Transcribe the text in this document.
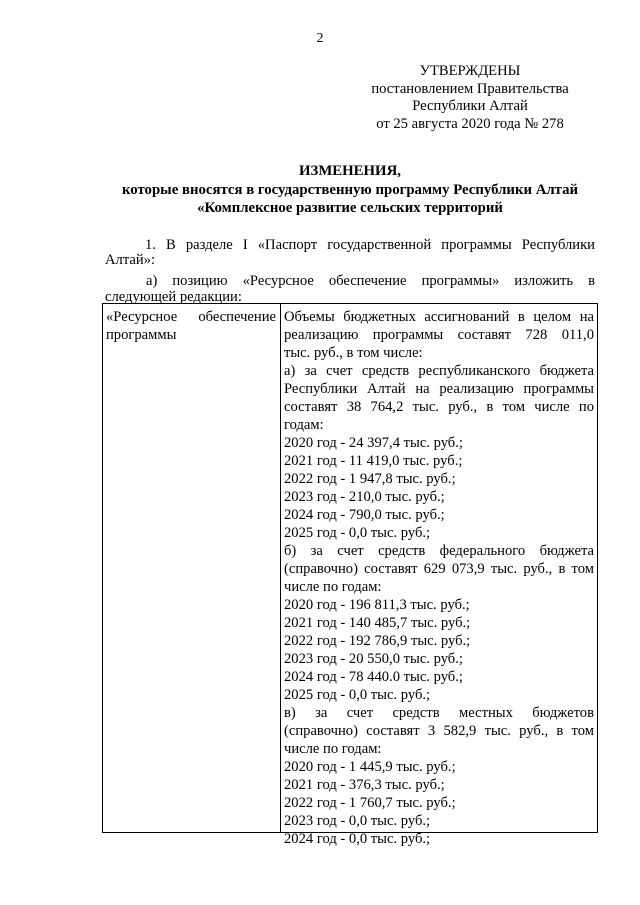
2
УТВЕРЖДЕНЫ
постановлением Правительства
Республики Алтай
от 25 августа 2020 года № 278
ИЗМЕНЕНИЯ,
которые вносятся в государственную программу Республики Алтай
«Комплексное развитие сельских территорий
1. В разделе I «Паспорт государственной программы Республики
Алтай»:
а) позицию «Ресурсное обеспечение программы» изложить в
следующей редакции:
«Ресурсное обеспечение
программы
Объемы бюджетных ассигнований в целом на
реализацию программы составят 728 011,0
тыс. руб., в том числе:
а) за счет средств республиканского бюджета
Республики Алтай на реализацию программы
составят 38 764,2 тыс. руб., в том числе по
годам:
2020 год - 24 397,4 тыс. руб.;
2021 год - 11 419,0 тыс. руб.;
2022 год - 1 947,8 тыс. руб.;
2023 год - 210,0 тыс. руб.;
2024 год - 790,0 тыс. руб.;
2025 год - 0,0 тыс. руб.;
б) за счет средств федерального бюджета
(справочно) составят 629 073,9 тыс. руб., в том
числе по годам:
2020 год - 196 811,3 тыс. руб.;
2021 год - 140 485,7 тыс. руб.;
2022 год - 192 786,9 тыс. руб.;
2023 год - 20 550,0 тыс. руб.;
2024 год - 78 440.0 тыс. руб.;
2025 год - 0,0 тыс. руб.;
в) за счет средств местных бюджетов
(справочно) составят 3 582,9 тыс. руб., в том
числе по годам:
2020 год - 1 445,9 тыс. руб.;
2021 год - 376,3 тыс. руб.;
2022 год - 1 760,7 тыс. руб.;
2023 год - 0,0 тыс. руб.;
2024 год - 0,0 тыс. руб.;
